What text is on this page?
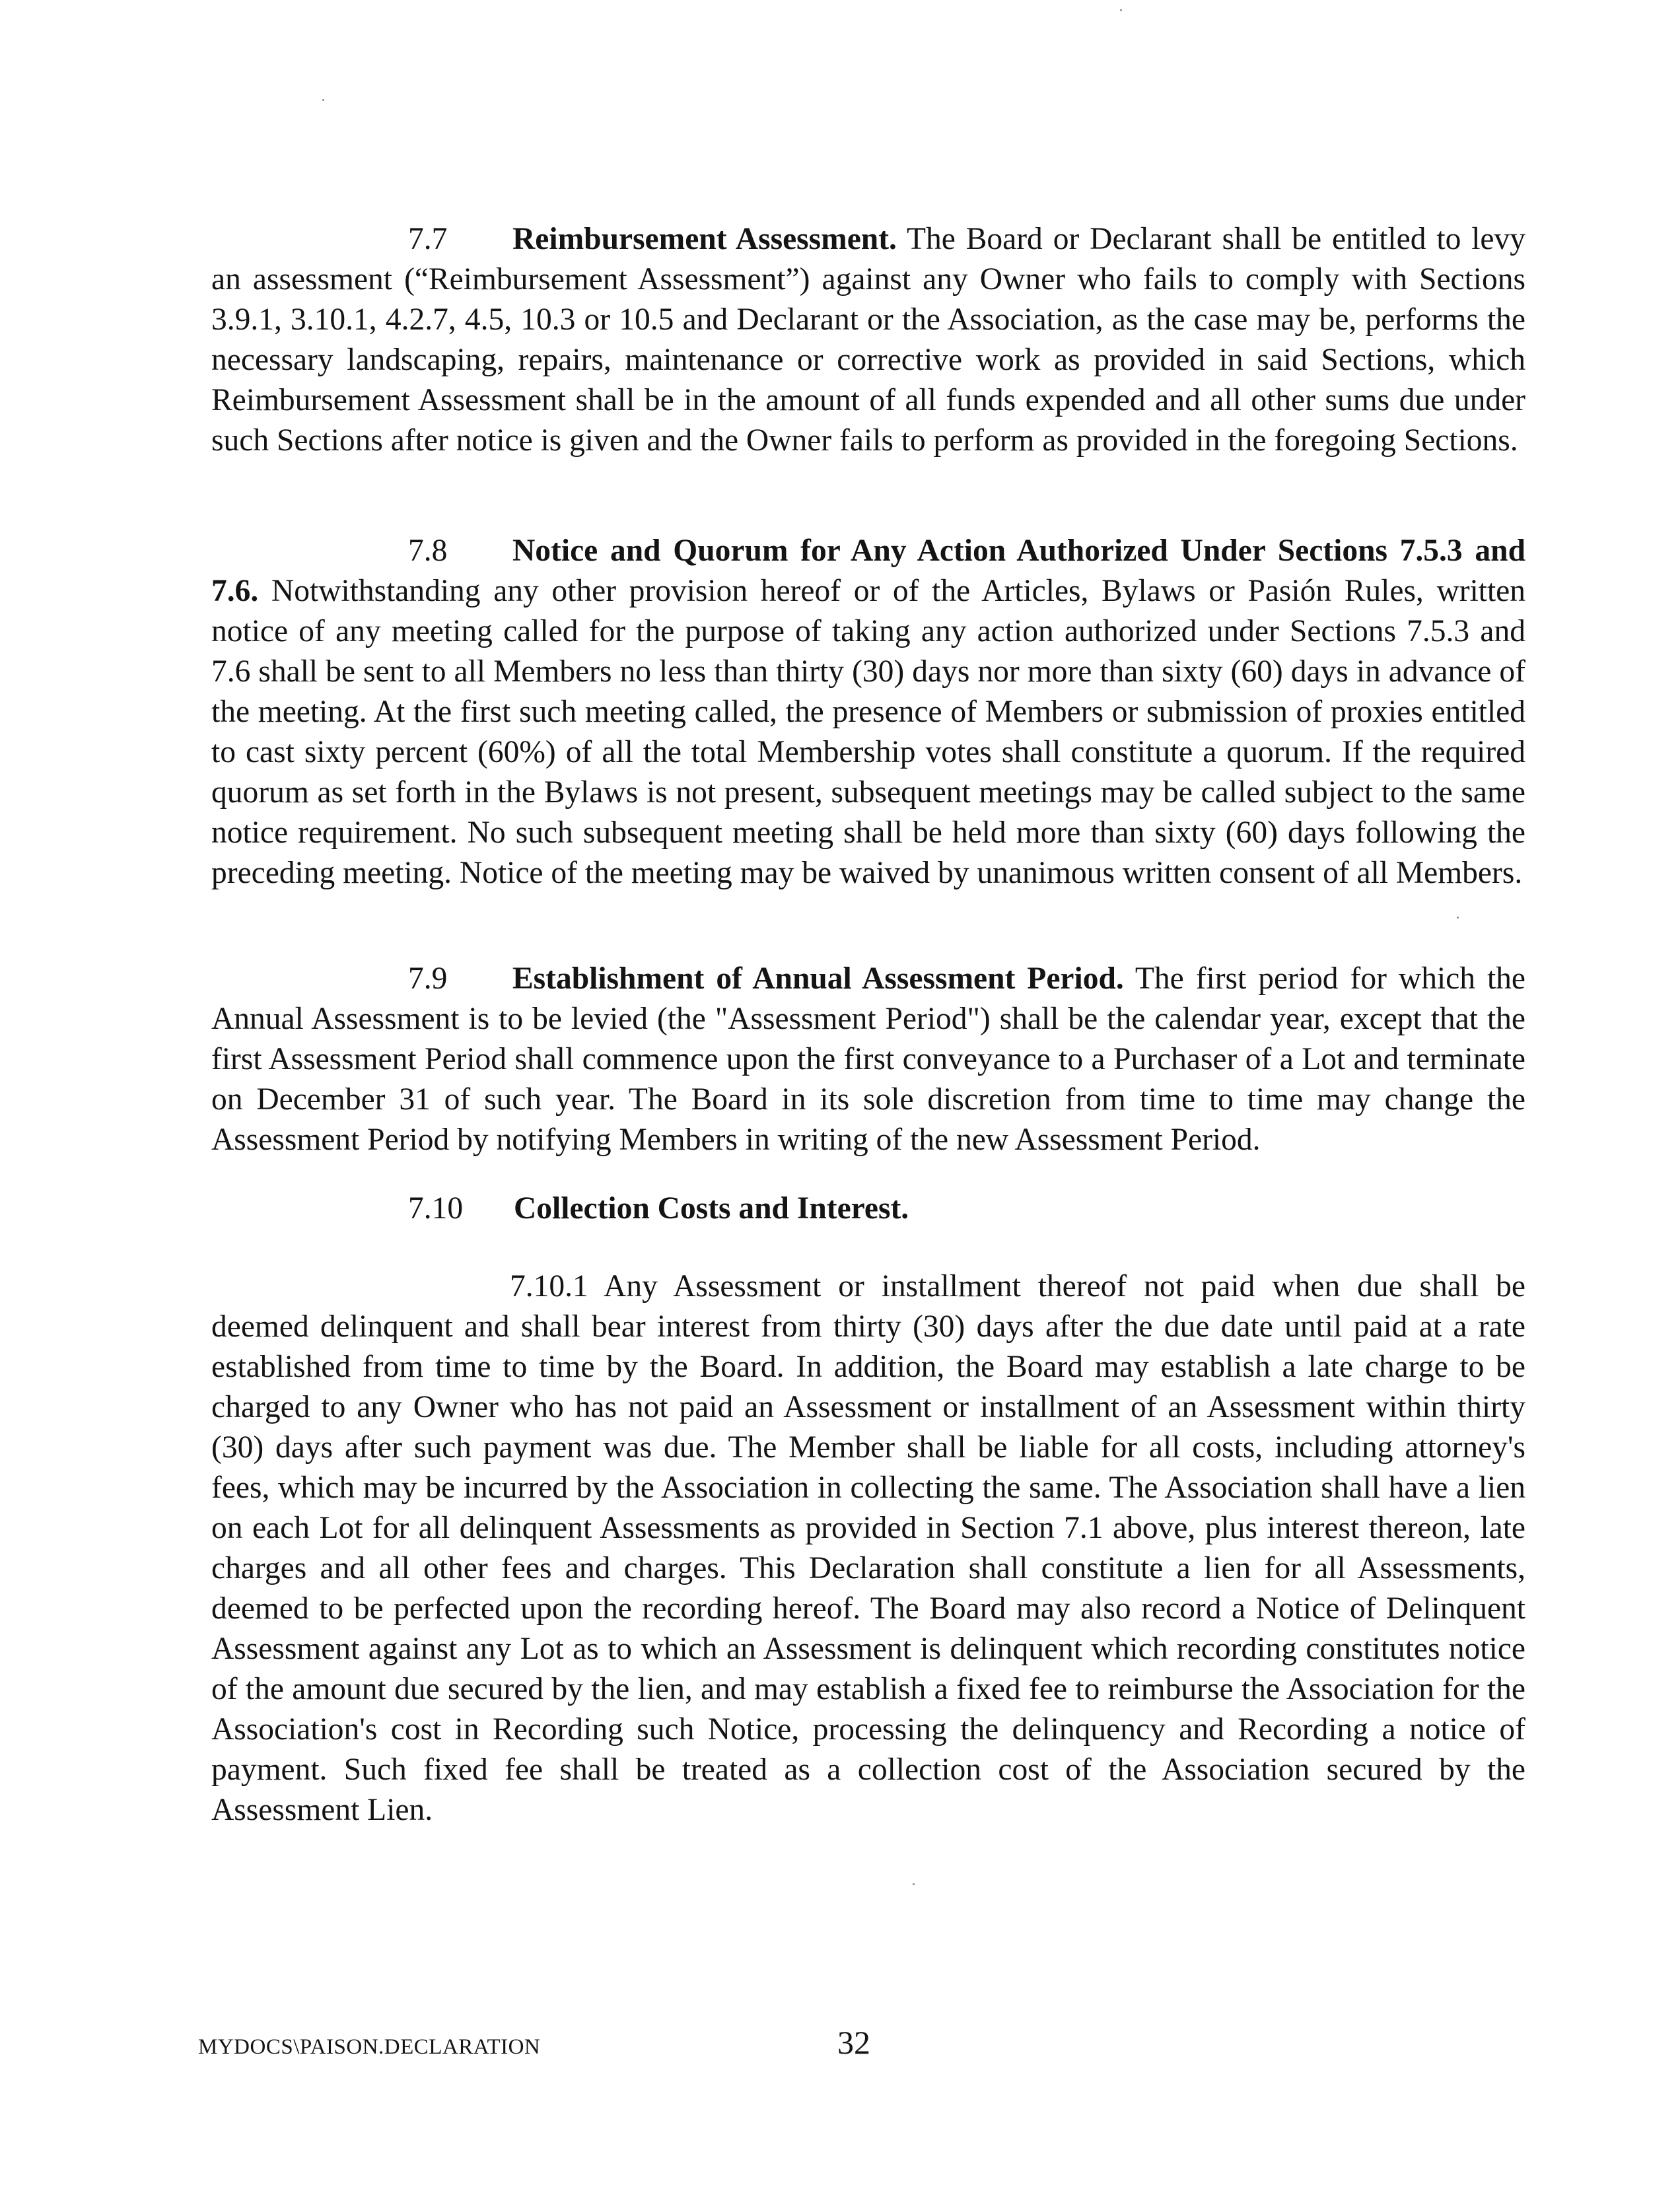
7.7 Reimbursement Assessment. The Board or Declarant shall be entitled to levy an assessment (“Reimbursement Assessment”) against any Owner who fails to comply with Sections 3.9.1, 3.10.1, 4.2.7, 4.5, 10.3 or 10.5 and Declarant or the Association, as the case may be, performs the necessary landscaping, repairs, maintenance or corrective work as provided in said Sections, which Reimbursement Assessment shall be in the amount of all funds expended and all other sums due under such Sections after notice is given and the Owner fails to perform as provided in the foregoing Sections.

7.8 Notice and Quorum for Any Action Authorized Under Sections 7.5.3 and 7.6. Notwithstanding any other provision hereof or of the Articles, Bylaws or Pasión Rules, written notice of any meeting called for the purpose of taking any action authorized under Sections 7.5.3 and 7.6 shall be sent to all Members no less than thirty (30) days nor more than sixty (60) days in advance of the meeting. At the first such meeting called, the presence of Members or submission of proxies entitled to cast sixty percent (60%) of all the total Membership votes shall constitute a quorum. If the required quorum as set forth in the Bylaws is not present, subsequent meetings may be called subject to the same notice requirement. No such subsequent meeting shall be held more than sixty (60) days following the preceding meeting. Notice of the meeting may be waived by unanimous written consent of all Members.

7.9 Establishment of Annual Assessment Period. The first period for which the Annual Assessment is to be levied (the "Assessment Period") shall be the calendar year, except that the first Assessment Period shall commence upon the first conveyance to a Purchaser of a Lot and terminate on December 31 of such year. The Board in its sole discretion from time to time may change the Assessment Period by notifying Members in writing of the new Assessment Period.

7.10 Collection Costs and Interest.

7.10.1 Any Assessment or installment thereof not paid when due shall be deemed delinquent and shall bear interest from thirty (30) days after the due date until paid at a rate established from time to time by the Board. In addition, the Board may establish a late charge to be charged to any Owner who has not paid an Assessment or installment of an Assessment within thirty (30) days after such payment was due. The Member shall be liable for all costs, including attorney's fees, which may be incurred by the Association in collecting the same. The Association shall have a lien on each Lot for all delinquent Assessments as provided in Section 7.1 above, plus interest thereon, late charges and all other fees and charges. This Declaration shall constitute a lien for all Assessments, deemed to be perfected upon the recording hereof. The Board may also record a Notice of Delinquent Assessment against any Lot as to which an Assessment is delinquent which recording constitutes notice of the amount due secured by the lien, and may establish a fixed fee to reimburse the Association for the Association's cost in Recording such Notice, processing the delinquency and Recording a notice of payment. Such fixed fee shall be treated as a collection cost of the Association secured by the Assessment Lien.

MYDOCS\PAISON.DECLARATION	32
